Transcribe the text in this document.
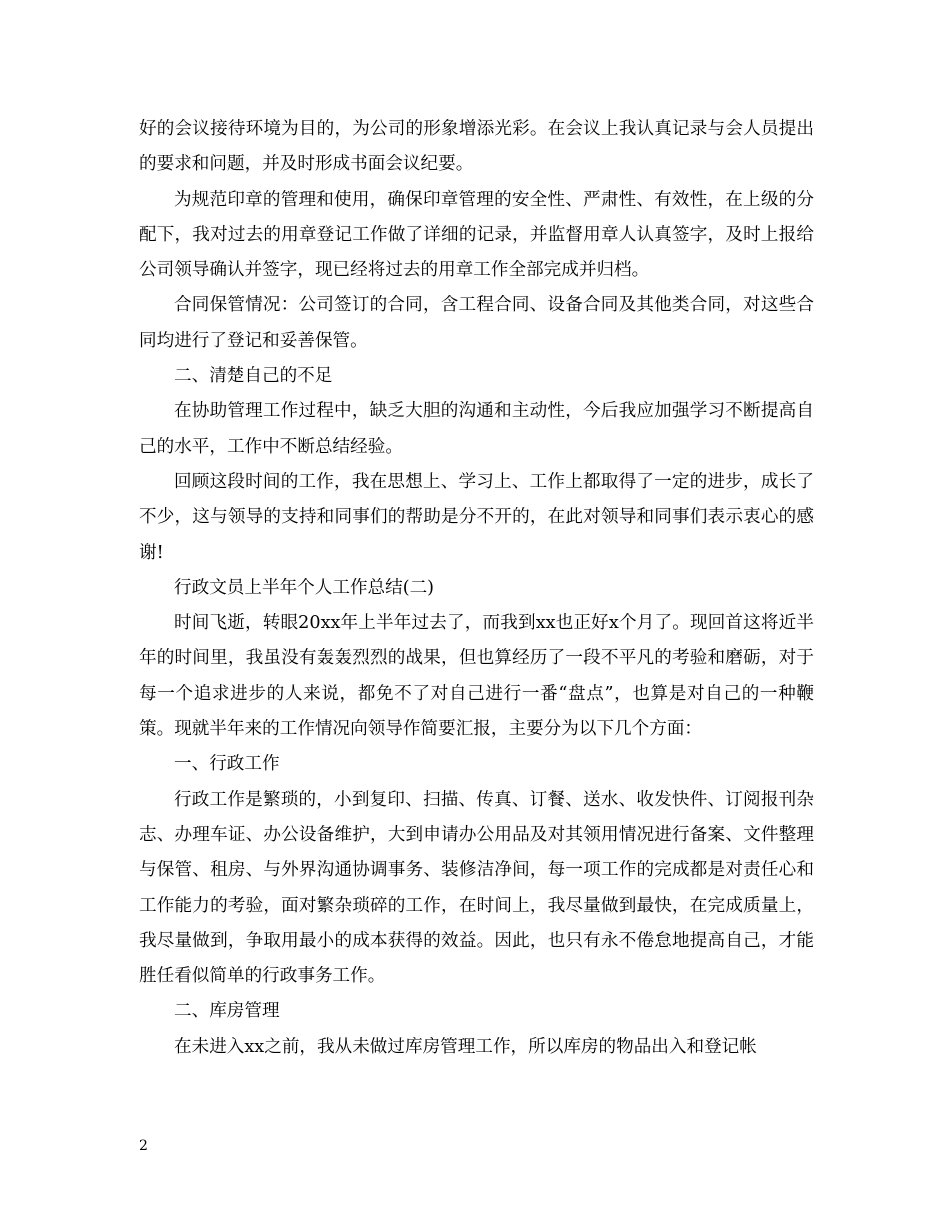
好的会议接待环境为目的，为公司的形象增添光彩。在会议上我认真记录与会人员提出的要求和问题，并及时形成书面会议纪要。

为规范印章的管理和使用，确保印章管理的安全性、严肃性、有效性，在上级的分配下，我对过去的用章登记工作做了详细的记录，并监督用章人认真签字，及时上报给公司领导确认并签字，现已经将过去的用章工作全部完成并归档。

合同保管情况：公司签订的合同，含工程合同、设备合同及其他类合同，对这些合同均进行了登记和妥善保管。

二、清楚自己的不足

在协助管理工作过程中，缺乏大胆的沟通和主动性，今后我应加强学习不断提高自己的水平，工作中不断总结经验。

回顾这段时间的工作，我在思想上、学习上、工作上都取得了一定的进步，成长了不少，这与领导的支持和同事们的帮助是分不开的，在此对领导和同事们表示衷心的感谢!

行政文员上半年个人工作总结(二)

时间飞逝，转眼20xx年上半年过去了，而我到xx也正好x个月了。现回首这将近半年的时间里，我虽没有轰轰烈烈的战果，但也算经历了一段不平凡的考验和磨砺，对于每一个追求进步的人来说，都免不了对自己进行一番“盘点”，也算是对自己的一种鞭策。现就半年来的工作情况向领导作简要汇报，主要分为以下几个方面：

一、行政工作

行政工作是繁琐的，小到复印、扫描、传真、订餐、送水、收发快件、订阅报刊杂志、办理车证、办公设备维护，大到申请办公用品及对其领用情况进行备案、文件整理与保管、租房、与外界沟通协调事务、装修洁净间，每一项工作的完成都是对责任心和工作能力的考验，面对繁杂琐碎的工作，在时间上，我尽量做到最快，在完成质量上，我尽量做到，争取用最小的成本获得的效益。因此，也只有永不倦怠地提高自己，才能胜任看似简单的行政事务工作。

二、库房管理

在未进入xx之前，我从未做过库房管理工作，所以库房的物品出入和登记帐

2
